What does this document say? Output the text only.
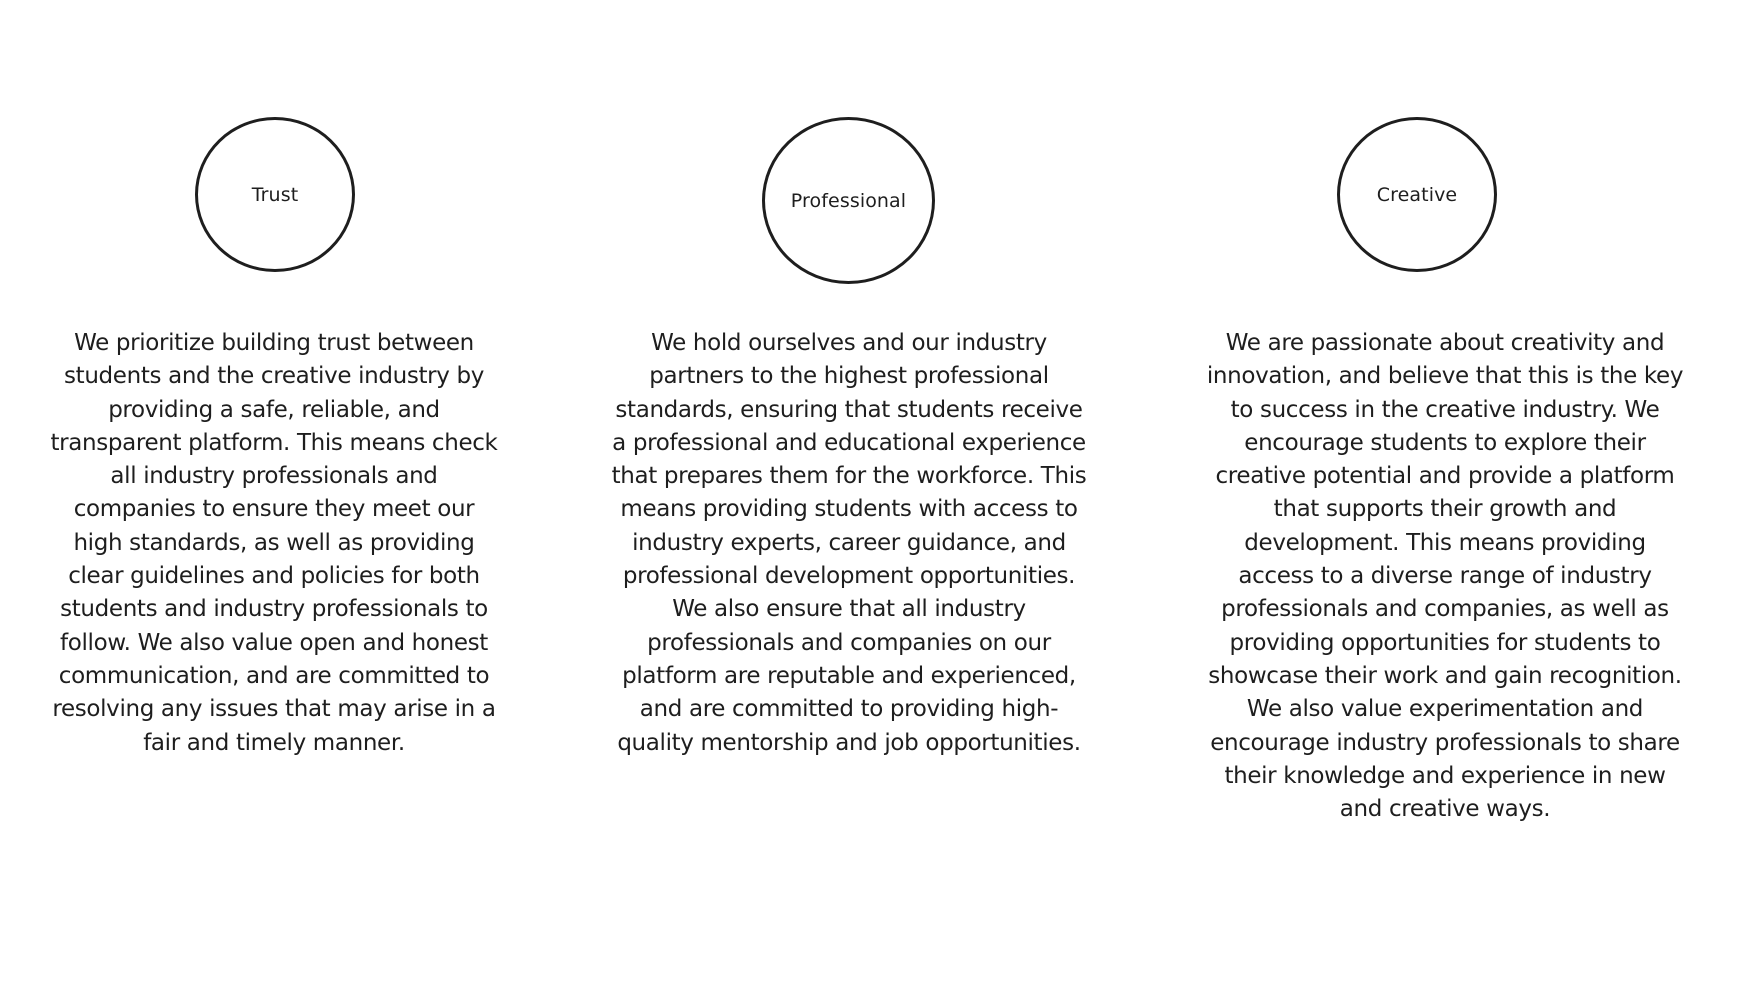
Trust

We prioritize building trust between students and the creative industry by providing a safe, reliable, and transparent platform. This means check all industry professionals and companies to ensure they meet our high standards, as well as providing clear guidelines and policies for both students and industry professionals to follow. We also value open and honest communication, and are committed to resolving any issues that may arise in a fair and timely manner.

Professional

We hold ourselves and our industry partners to the highest professional standards, ensuring that students receive a professional and educational experience that prepares them for the workforce. This means providing students with access to industry experts, career guidance, and professional development opportunities. We also ensure that all industry professionals and companies on our platform are reputable and experienced, and are committed to providing high-quality mentorship and job opportunities.

Creative

We are passionate about creativity and innovation, and believe that this is the key to success in the creative industry. We encourage students to explore their creative potential and provide a platform that supports their growth and development. This means providing access to a diverse range of industry professionals and companies, as well as providing opportunities for students to showcase their work and gain recognition. We also value experimentation and encourage industry professionals to share their knowledge and experience in new and creative ways.
